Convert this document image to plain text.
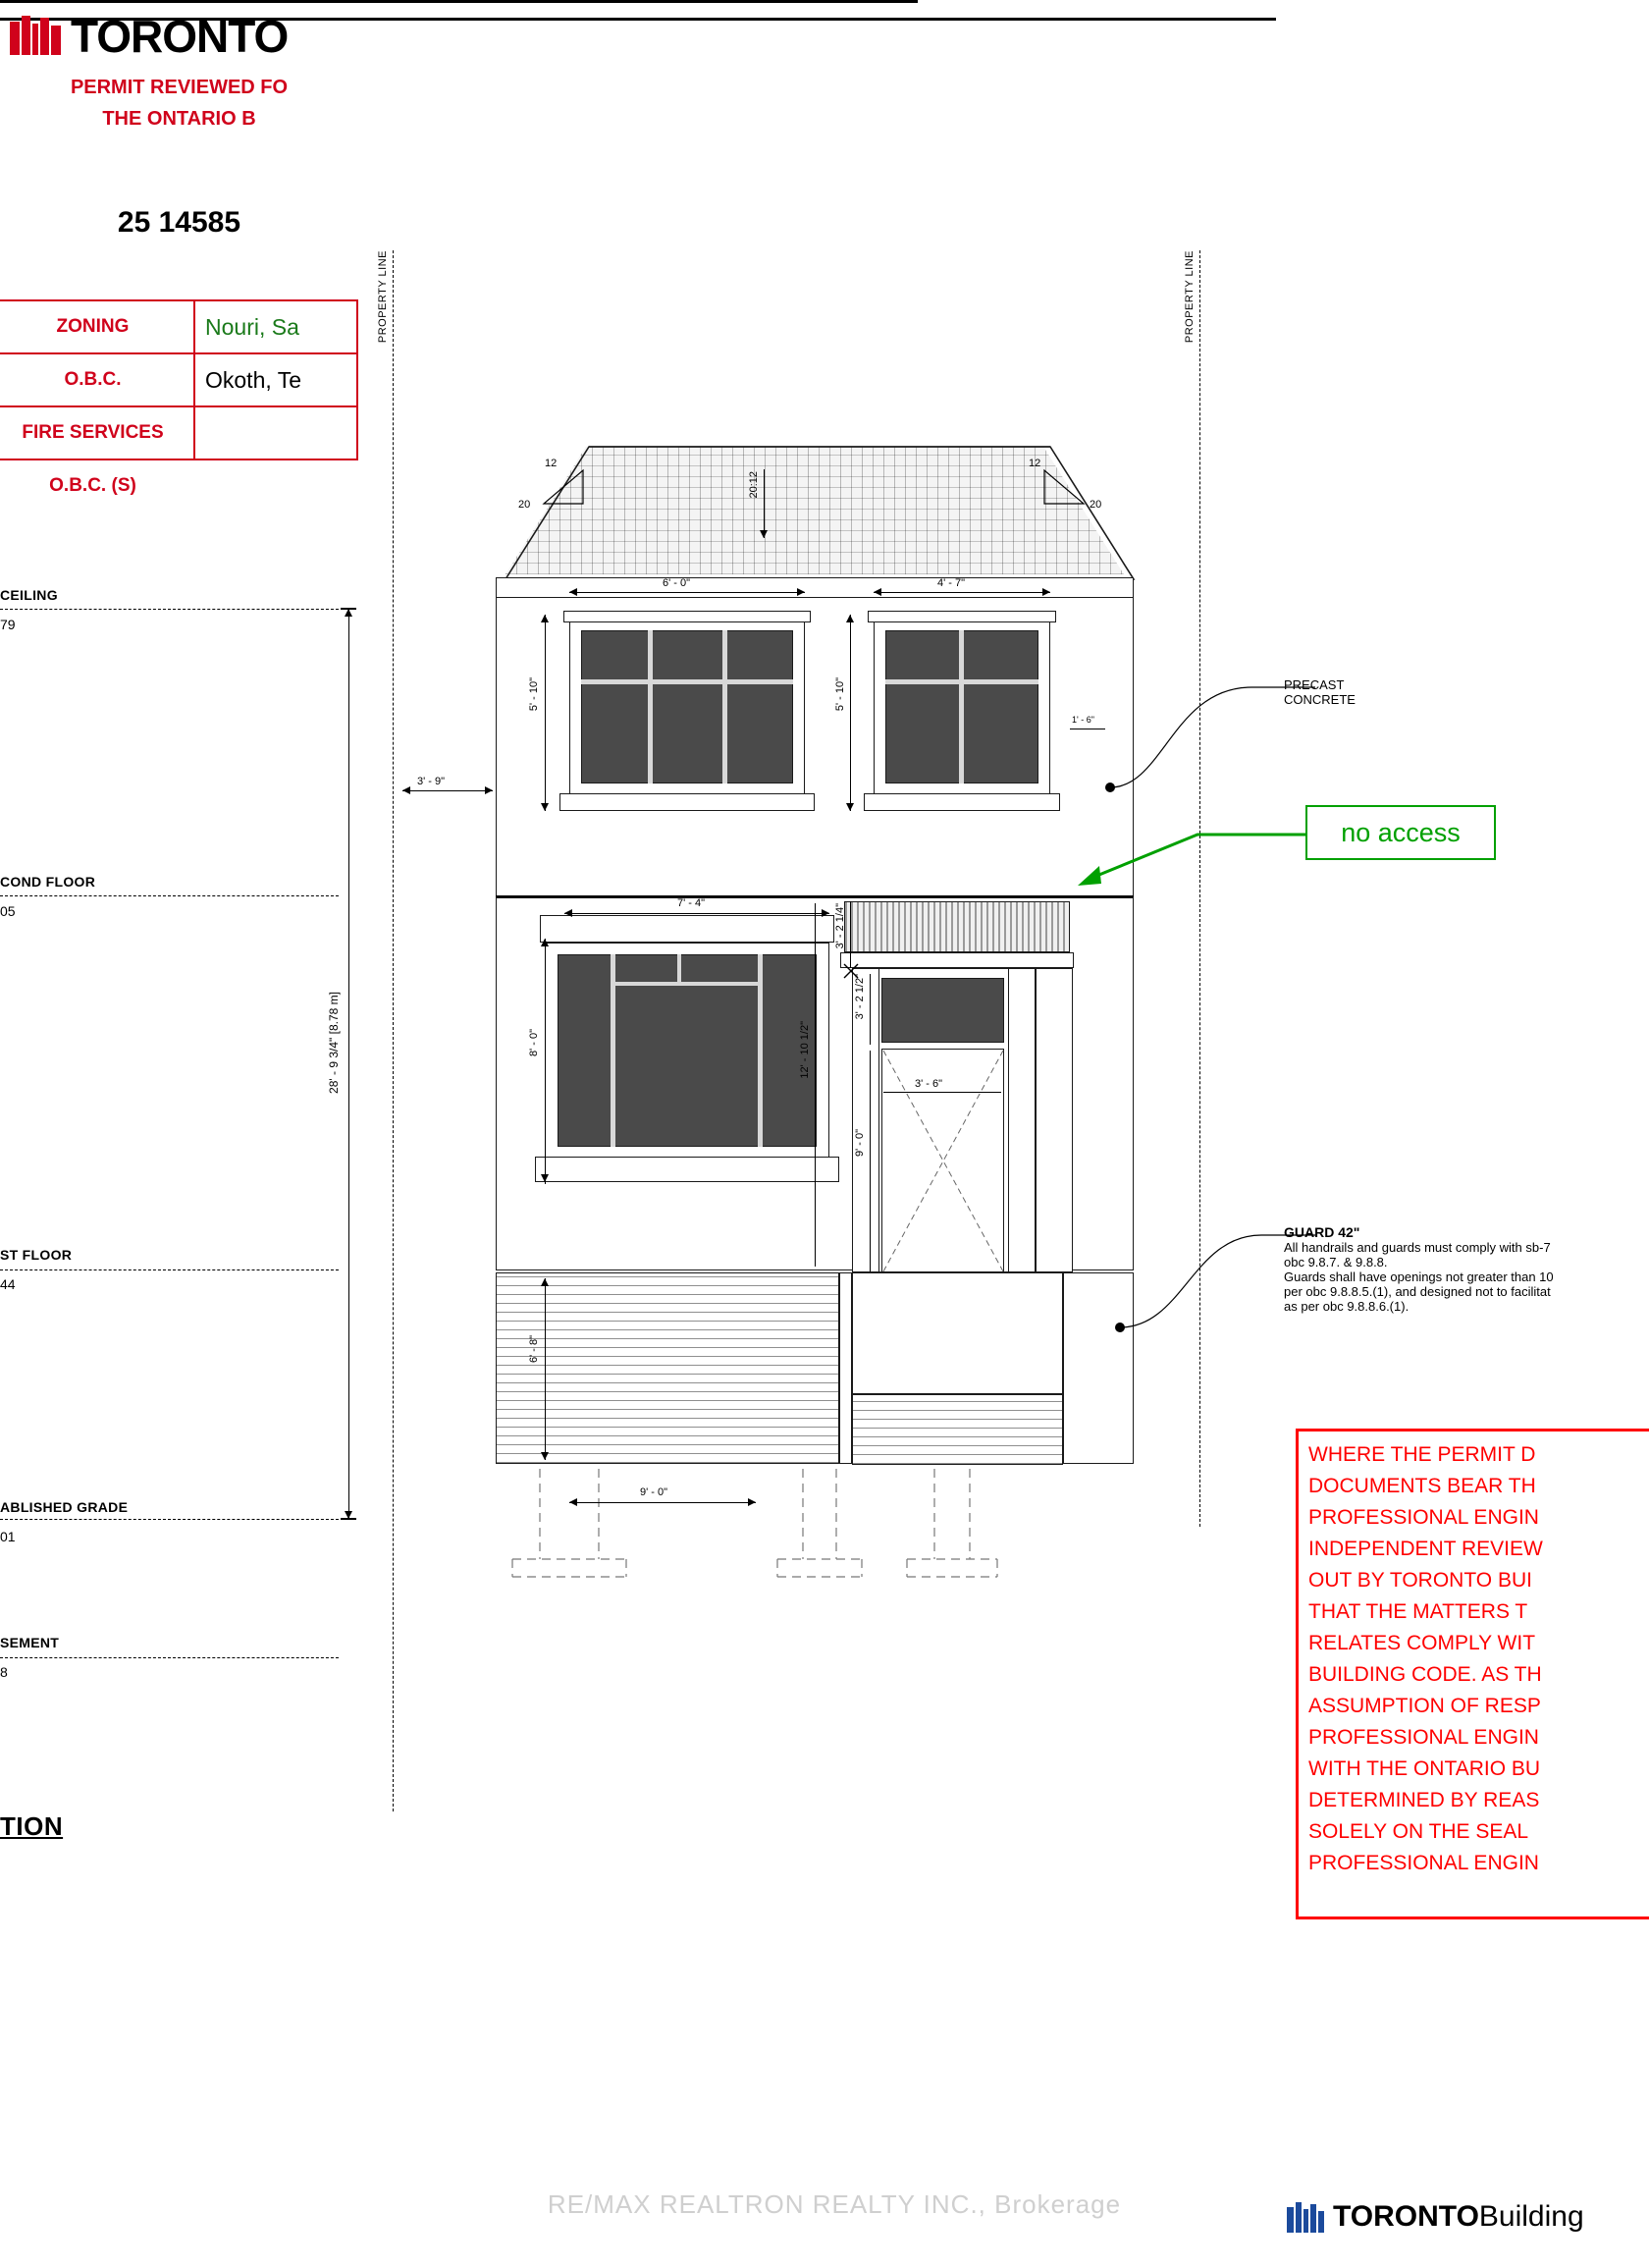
PROPERTY LINE	PROPERTY LINE
CEILING
79
COND FLOOR
05
ST FLOOR
44
ABLISHED GRADE
01
SEMENT
8
28' - 9 3/4" [8.78 m]
20:12
12
20
12
20
6' - 0"	4' - 7"
5' - 10"	5' - 10"
1' - 6"
3' - 2 1/4"
7' - 4"
8' - 0"
3' - 2 1/2"
3' - 6"
9' - 0"
12' - 10 1/2"
6' - 8"
9' - 0"
3' - 9"
PRECAST
CONCRETE
no access
GUARD 42"
All handrails and guards must comply with sb-7
obc 9.8.7. & 9.8.8.
Guards shall have openings not greater than 10
per obc 9.8.8.5.(1), and designed not to facilitat
as per obc 9.8.8.6.(1).
TORONTO
PERMIT REVIEWED FO
THE ONTARIO B
25 14585
ZONING	Nouri, Sa
O.B.C.	Okoth, Te
FIRE SERVICES	
O.B.C. (S)	
WHERE THE PERMIT D
DOCUMENTS BEAR TH
PROFESSIONAL ENGIN
INDEPENDENT REVIEW
OUT BY TORONTO BUI
THAT THE MATTERS T
RELATES COMPLY WIT
BUILDING CODE. AS TH
ASSUMPTION OF RESP
PROFESSIONAL ENGIN
WITH THE ONTARIO BU
DETERMINED BY REAS
SOLELY ON THE SEAL
PROFESSIONAL ENGIN
TION
RE/MAX REALTRON REALTY INC., Brokerage	TORONTOBuilding
